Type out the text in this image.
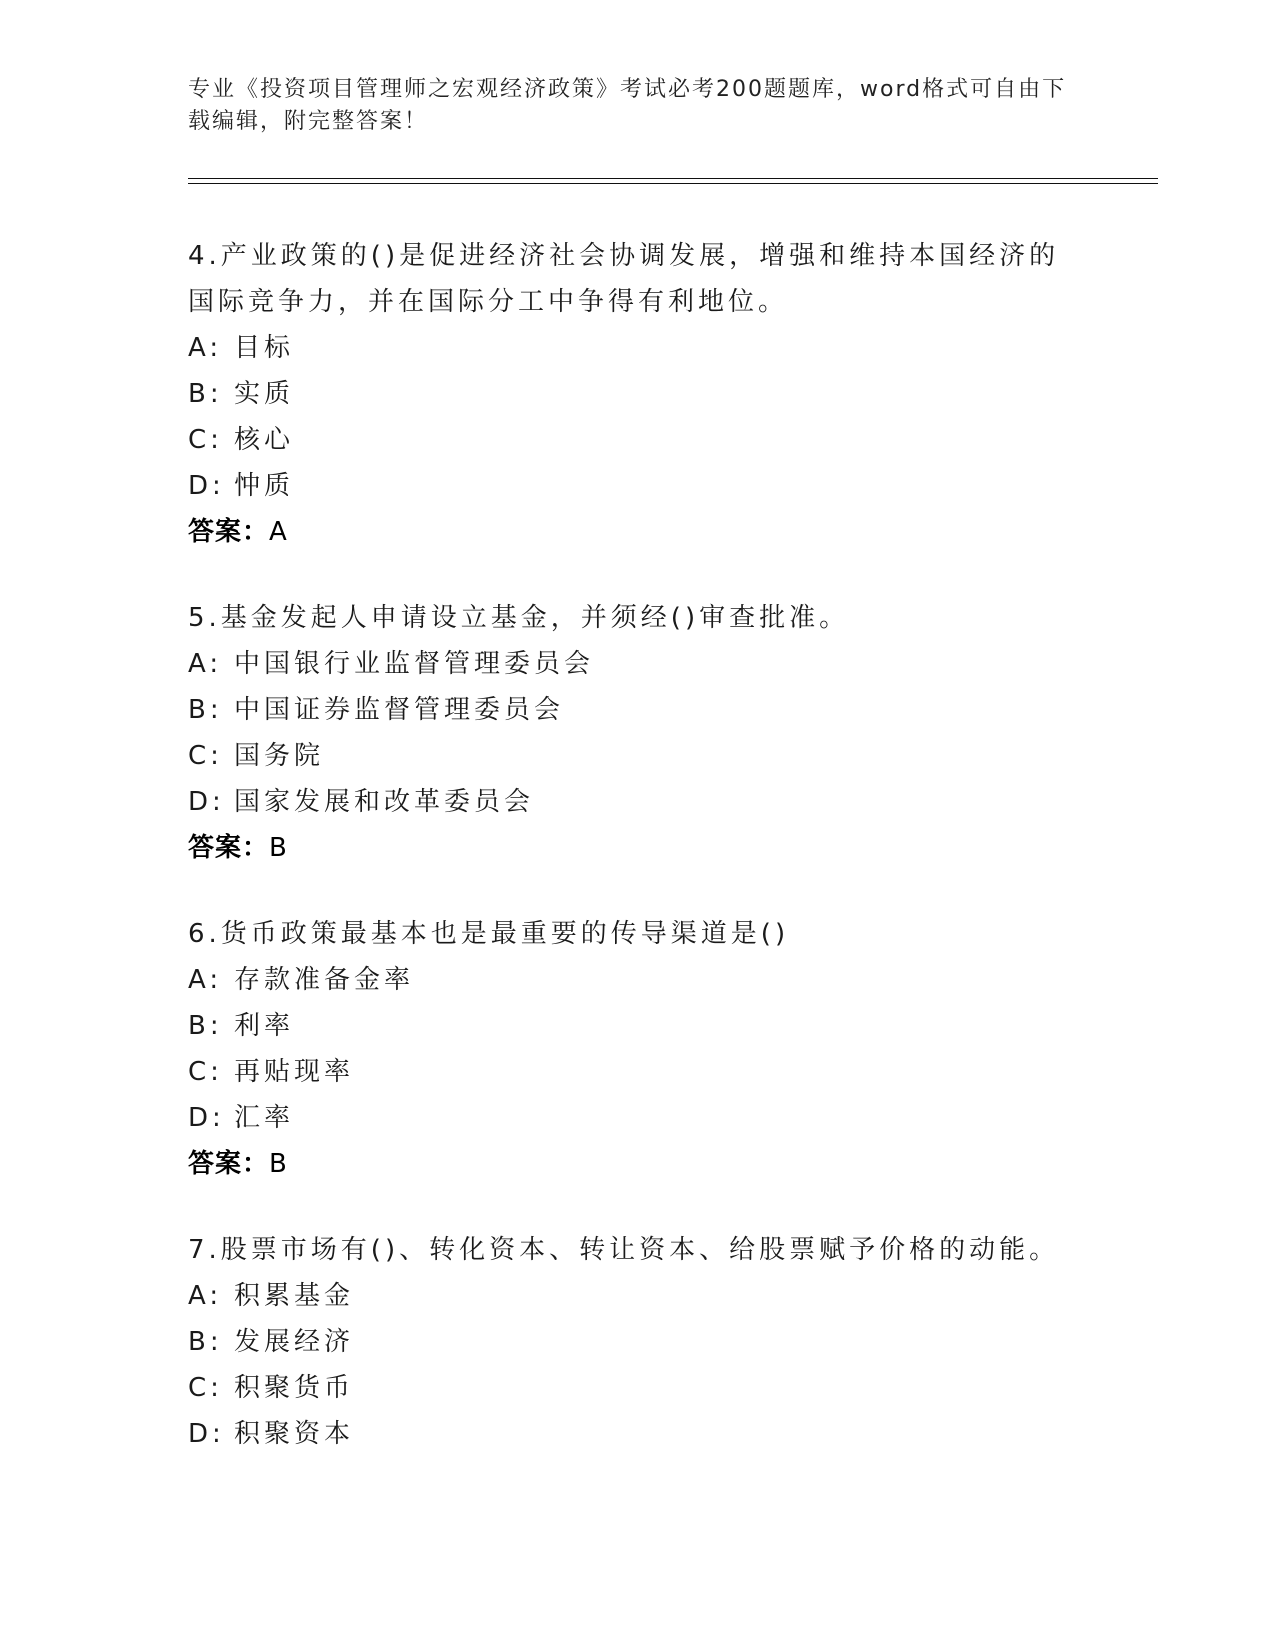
专业《投资项目管理师之宏观经济政策》考试必考200题题库，word格式可自由下载编辑，附完整答案！

4.产业政策的()是促进经济社会协调发展，增强和维持本国经济的国际竞争力，并在国际分工中争得有利地位。

A: 目标

B: 实质

C: 核心

D: 忡质

答案：A

5.基金发起人申请设立基金，并须经()审查批准。

A: 中国银行业监督管理委员会

B: 中国证券监督管理委员会

C: 国务院

D: 国家发展和改革委员会

答案：B

6.货币政策最基本也是最重要的传导渠道是()

A: 存款准备金率

B: 利率

C: 再贴现率

D: 汇率

答案：B

7.股票市场有()、转化资本、转让资本、给股票赋予价格的动能。

A: 积累基金

B: 发展经济

C: 积聚货币

D: 积聚资本
